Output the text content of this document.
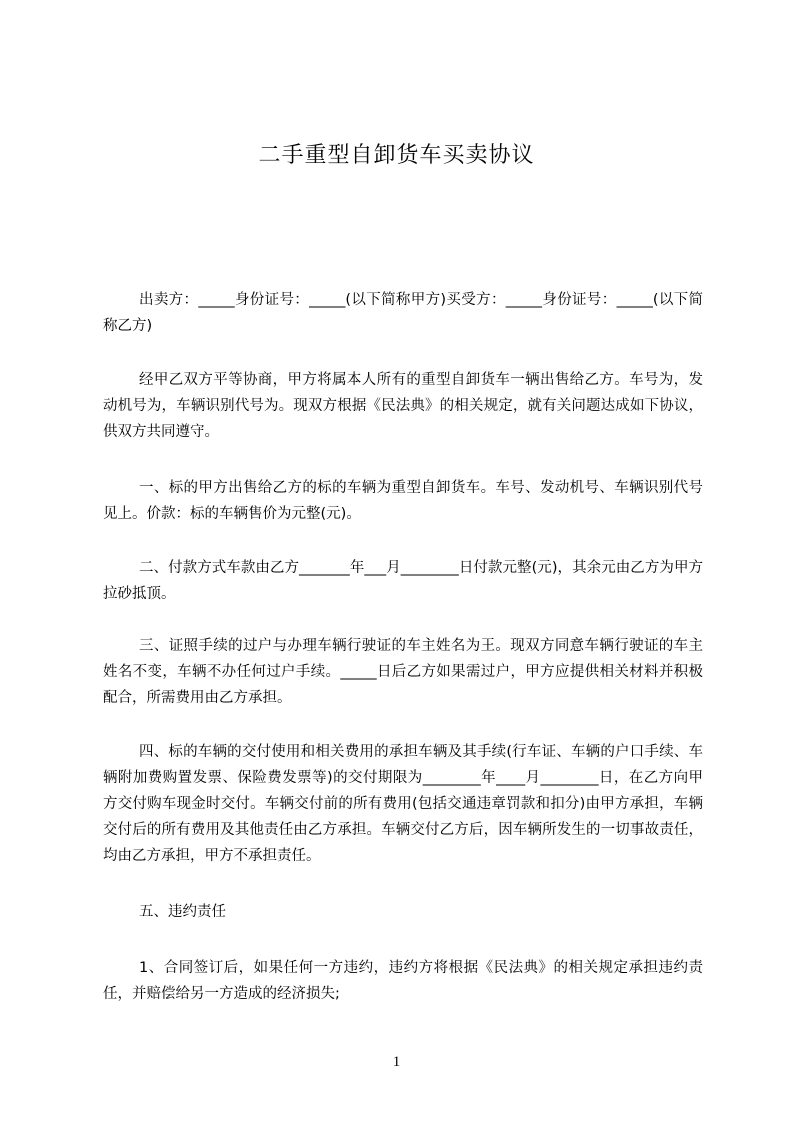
二手重型自卸货车买卖协议
出卖方：_____身份证号：_____(以下简称甲方)买受方：_____身份证号：_____(以下简称乙方)
经甲乙双方平等协商，甲方将属本人所有的重型自卸货车一辆出售给乙方。车号为，发动机号为，车辆识别代号为。现双方根据《民法典》的相关规定，就有关问题达成如下协议，供双方共同遵守。
一、标的甲方出售给乙方的标的车辆为重型自卸货车。车号、发动机号、车辆识别代号见上。价款：标的车辆售价为元整(元)。
二、付款方式车款由乙方_______年___月________日付款元整(元)，其余元由乙方为甲方拉砂抵顶。
三、证照手续的过户与办理车辆行驶证的车主姓名为王。现双方同意车辆行驶证的车主姓名不变，车辆不办任何过户手续。_____日后乙方如果需过户，甲方应提供相关材料并积极配合，所需费用由乙方承担。
四、标的车辆的交付使用和相关费用的承担车辆及其手续(行车证、车辆的户口手续、车辆附加费购置发票、保险费发票等)的交付期限为________年____月________日，在乙方向甲方交付购车现金时交付。车辆交付前的所有费用(包括交通违章罚款和扣分)由甲方承担，车辆交付后的所有费用及其他责任由乙方承担。车辆交付乙方后，因车辆所发生的一切事故责任，均由乙方承担，甲方不承担责任。
五、违约责任
1、合同签订后，如果任何一方违约，违约方将根据《民法典》的相关规定承担违约责任，并赔偿给另一方造成的经济损失;
1
